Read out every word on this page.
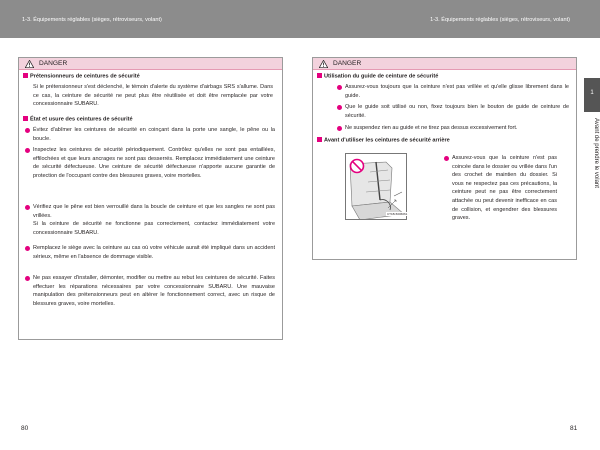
1-3. Équipements réglables (sièges, rétroviseurs, volant)	1-3. Équipements réglables (sièges, rétroviseurs, volant)
DANGER
Prétensionneurs de ceintures de sécurité
Si le prétensionneur s'est déclenché, le témoin d'alerte du système d'airbags SRS s'allume. Dans ce cas, la ceinture de sécurité ne peut plus être réutilisée et doit être remplacée par votre concessionnaire SUBARU.
État et usure des ceintures de sécurité
Évitez d'abîmer les ceintures de sécurité en coinçant dans la porte une sangle, le pêne ou la boucle.
Inspectez les ceintures de sécurité périodiquement. Contrôlez qu'elles ne sont pas entaillées, effilochées et que leurs ancrages ne sont pas desserrés. Remplacez immédiatement une ceinture de sécurité défectueuse. Une ceinture de sécurité défectueuse n'apporte aucune garantie de protection de l'occupant contre des blessures graves, voire mortelles.
Vérifiez que le pêne est bien verrouillé dans la boucle de ceinture et que les sangles ne sont pas vrillées.
Si la ceinture de sécurité ne fonctionne pas correctement, contactez immédiatement votre concessionnaire SUBARU.
Remplacez le siège avec la ceinture au cas où votre véhicule aurait été impliqué dans un accident sérieux, même en l'absence de dommage visible.
Ne pas essayer d'installer, démonter, modifier ou mettre au rebut les ceintures de sécurité. Faites effectuer les réparations nécessaires par votre concessionnaire SUBARU. Une mauvaise manipulation des prétensionneurs peut en altérer le fonctionnement correct, avec un risque de blessures graves, voire mortelles.
DANGER
Utilisation du guide de ceinture de sécurité
Assurez-vous toujours que la ceinture n'est pas vrillée et qu'elle glisse librement dans le guide.
Que le guide soit utilisé ou non, fixez toujours bien le bouton de guide de ceinture de sécurité.
Ne suspendez rien au guide et ne tirez pas dessus excessivement fort.
Avant d'utiliser les ceintures de sécurité arrière
Assurez-vous que la ceinture n'est pas coincée dans le dossier ou vrillée dans l'un des crochet de maintien du dossier. Si vous ne respectez pas ces précautions, la ceinture peut ne pas être correctement attachée ou peut devenir inefficace en cas de collision, et engendrer des blessures graves.
CT1B-5006061
1
Avant de prendre le volant
80	81
